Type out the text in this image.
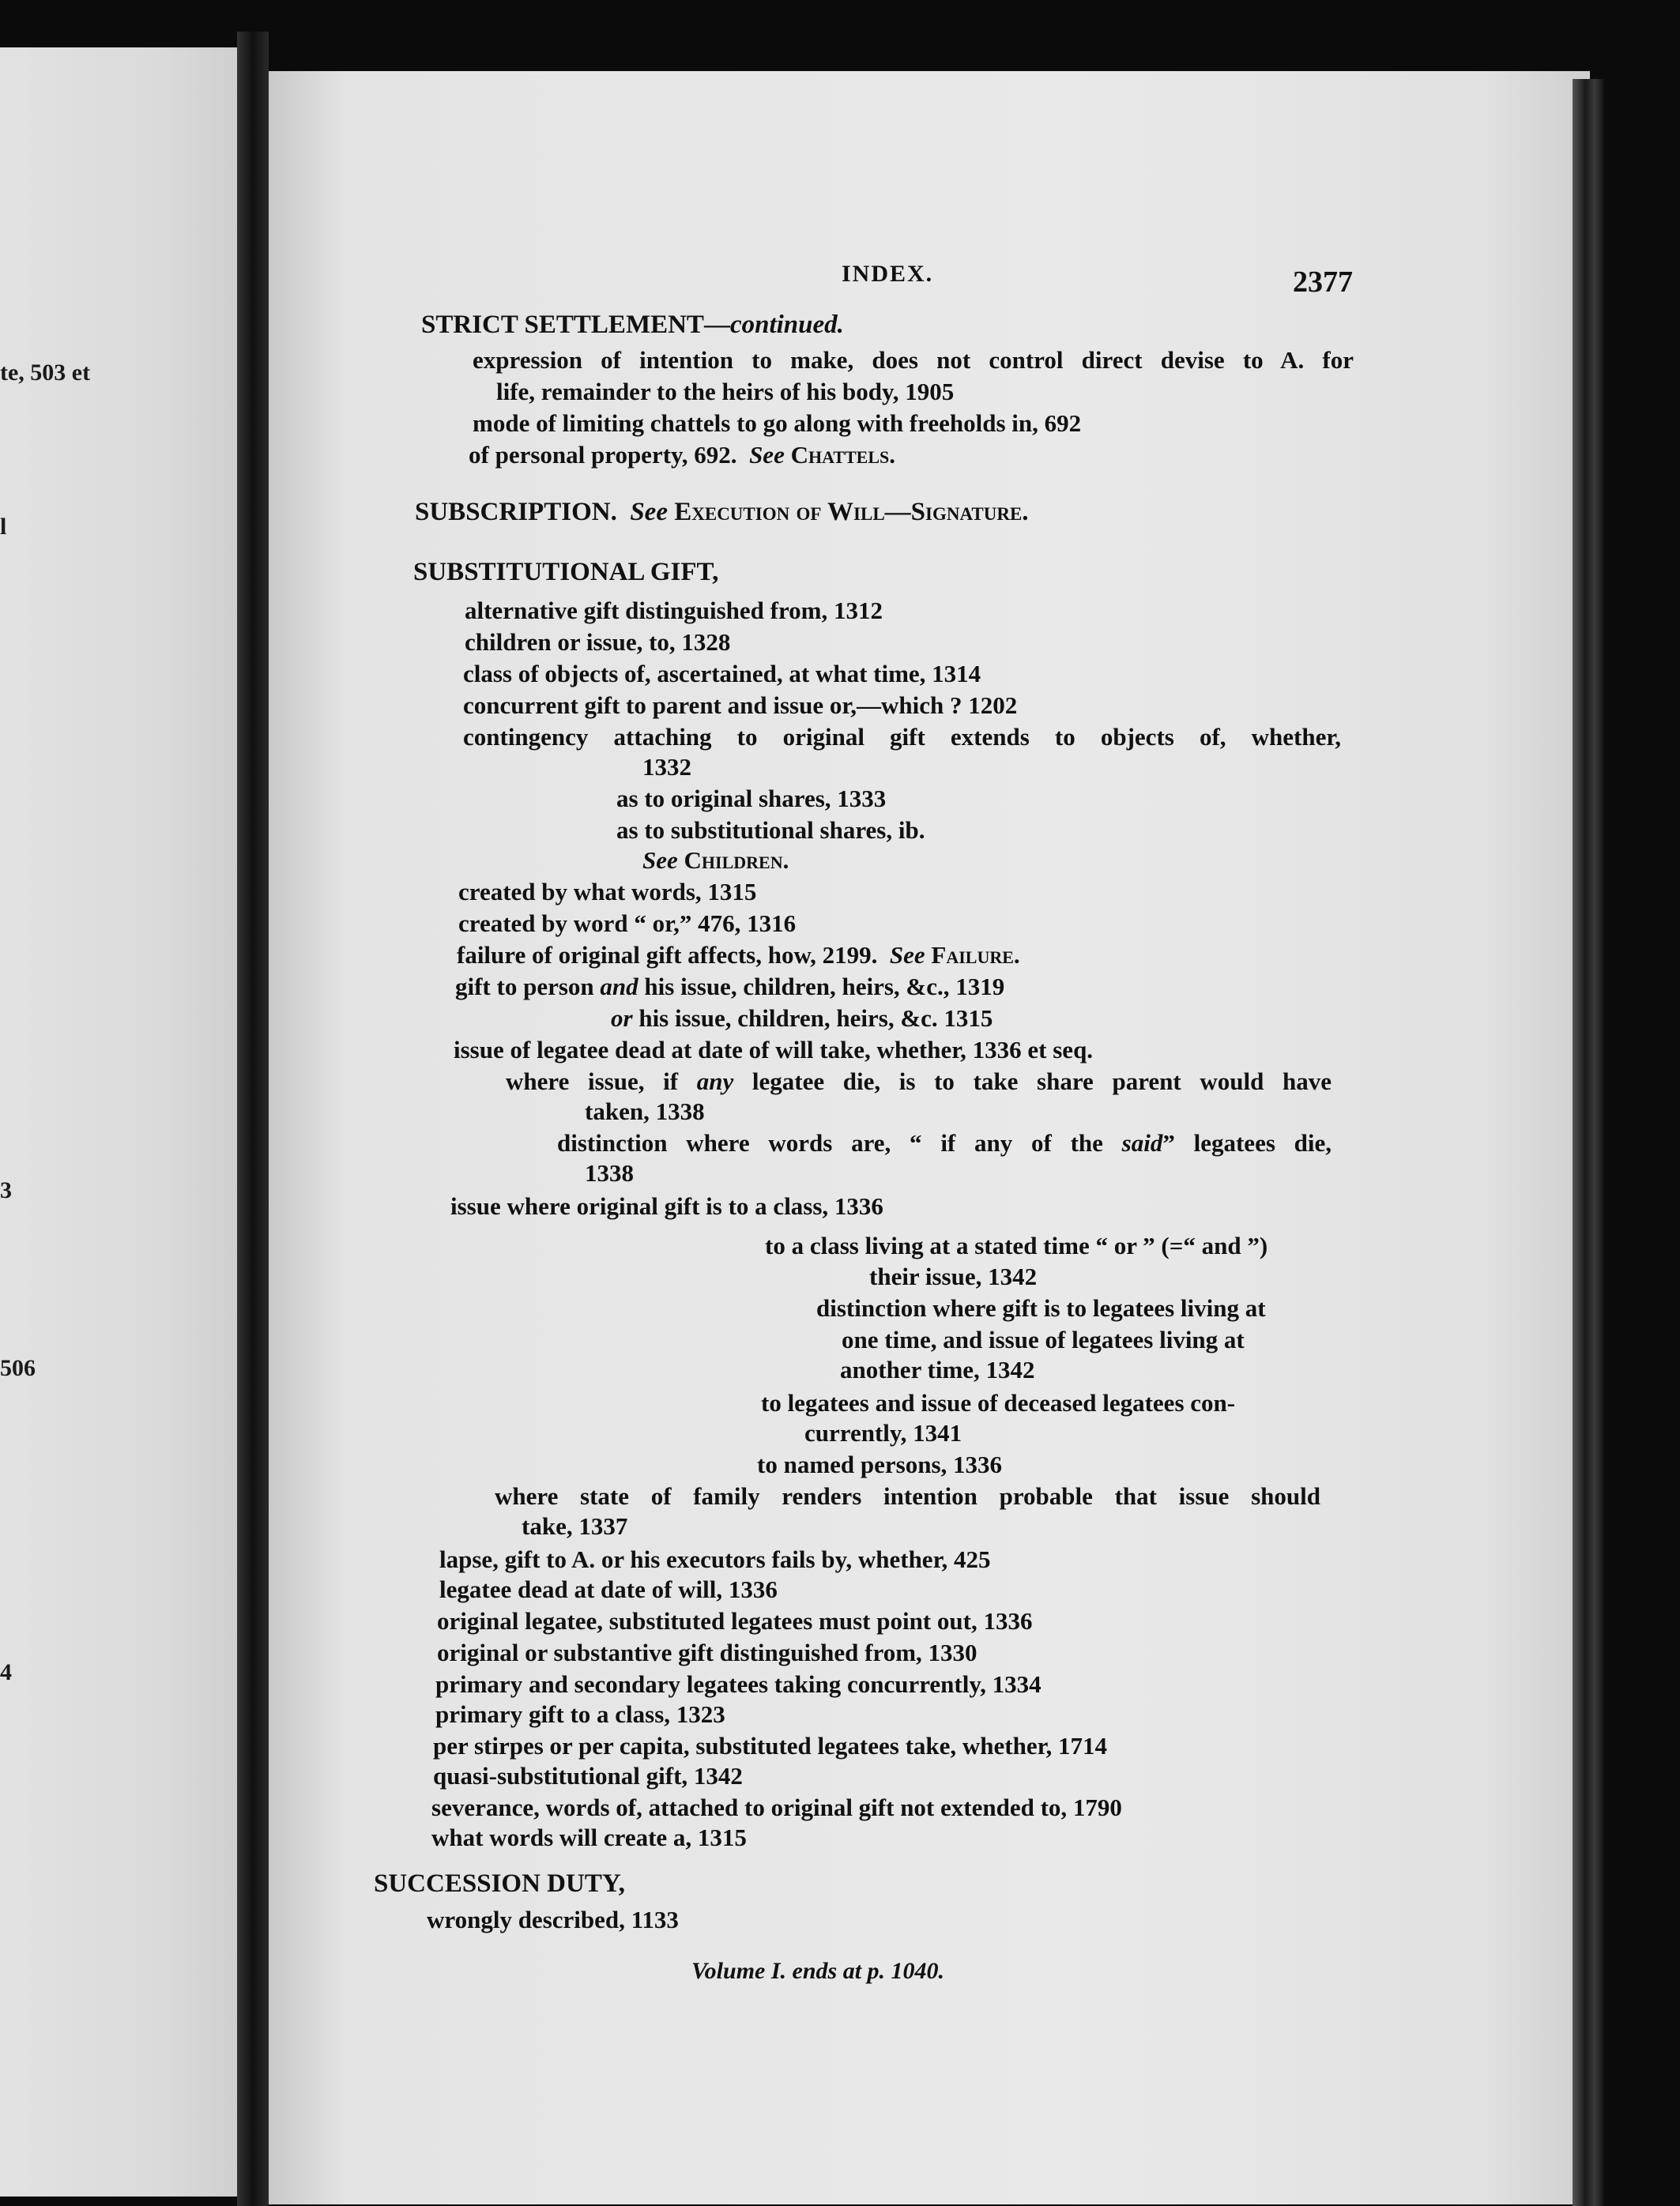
te, 503 et
l
3
506
4
INDEX.	2377
STRICT SETTLEMENT—continued.
expression of intention to make, does not control direct devise to A. for
life, remainder to the heirs of his body, 1905
mode of limiting chattels to go along with freeholds in, 692
of personal property, 692. See Chattels.
SUBSCRIPTION. See Execution of Will—Signature.
SUBSTITUTIONAL GIFT,
alternative gift distinguished from, 1312
children or issue, to, 1328
class of objects of, ascertained, at what time, 1314
concurrent gift to parent and issue or,—which ? 1202
contingency attaching to original gift extends to objects of, whether,
1332
as to original shares, 1333
as to substitutional shares, ib.
See Children.
created by what words, 1315
created by word “ or,” 476, 1316
failure of original gift affects, how, 2199. See Failure.
gift to person and his issue, children, heirs, &c., 1319
or his issue, children, heirs, &c. 1315
issue of legatee dead at date of will take, whether, 1336 et seq.
where issue, if any legatee die, is to take share parent would have
taken, 1338
distinction where words are, “ if any of the said” legatees die,
1338
issue where original gift is to a class, 1336
to a class living at a stated time “ or ” (=“ and ”)
their issue, 1342
distinction where gift is to legatees living at
one time, and issue of legatees living at
another time, 1342
to legatees and issue of deceased legatees con-
currently, 1341
to named persons, 1336
where state of family renders intention probable that issue should
take, 1337
lapse, gift to A. or his executors fails by, whether, 425
legatee dead at date of will, 1336
original legatee, substituted legatees must point out, 1336
original or substantive gift distinguished from, 1330
primary and secondary legatees taking concurrently, 1334
primary gift to a class, 1323
per stirpes or per capita, substituted legatees take, whether, 1714
quasi-substitutional gift, 1342
severance, words of, attached to original gift not extended to, 1790
what words will create a, 1315
SUCCESSION DUTY,
wrongly described, 1133
Volume I. ends at p. 1040.
